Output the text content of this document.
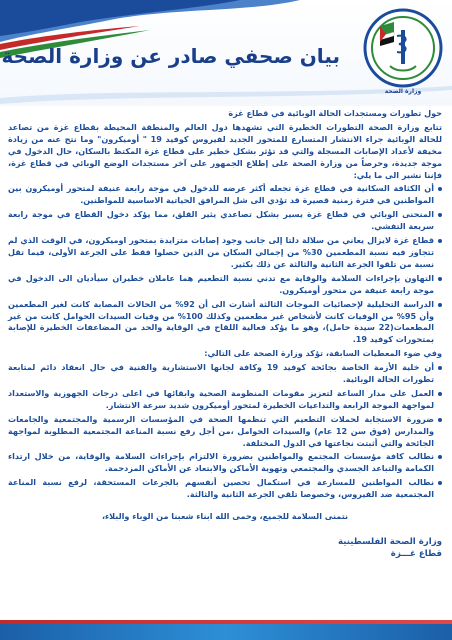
بيان صحفي صادر عن وزارة الصحة
وزارة الصحة
حول تطورات ومستجدات الحالة الوبائية في قطاع غزة
تتابع وزارة الصحة التطورات الخطيرة التي تشهدها دول العالم والمنطقة المحيطة بقطاع غزة من تصاعد للحالة الوبائية جراء الانتشار المتسارع للمتحور الجديد لفيروس كوفيد 19 " أوميكرون" وما نتج عنه من زيادة مخيفة لأعداد الإصابات المسجلة والتي قد تؤثر بشكل خطير على قطاع غزة المكتظ بالسكان، حال الدخول في موجة جديدة، وحرصاً من وزارة الصحة على إطلاع الجمهور على آخر مستجدات الوضع الوبائي في قطاع غزة، فإننا نشير الى ما يلي:
أن الكثافة السكانية في قطاع غزة تجعله أكثر عرضه للدخول في موجة رابعة عنيفة لمتحور أوميكرون بين المواطنين في فترة زمنية قصيرة قد تؤدي الى شل المرافق الحياتية الاساسية للمواطنين.
المنحنى الوبائي في قطاع غزة يسير بشكل تصاعدي يثير القلق، مما يؤكد دخول القطاع في موجة رابعة سريعة التفشي.
قطاع غزة لايزال يعاني من سلالة دلتا إلى جانب وجود إصابات متزايدة بمتحور اوميكرون، في الوقت الذي لم تتجاوز فيه نسبة المطعمين 30% من إجمالي السكان من الذين حصلوا فقط على الجرعة الأولى، فيما تقل نسبة من تلقوا الجرعة الثانية والثالثة عن ذلك بكثير.
التهاون بإجراءات السلامة والوقاية مع تدني نسبة التطعيم هما عاملان خطيران سيأديان الى الدخول في موجة رابعة عنيفة من متحور أوميكرون.
الدراسة التحليلية لإحصائيات الموجات الثالثة أشارت الى أن 92% من الحالات المصابة كانت لغير المطعمين وأن 95% من الوفيات كانت لأشخاص غير مطعمين وكذلك 100% من وفيات السيدات الحوامل كانت من غير المطعمات(22 سيدة حامل)، وهو ما يؤكد فعالية اللقاح في الوقاية والحد من المضاعفات الخطيرة للإصابة بمتحورات كوفيد 19.
وفي ضوء المعطيات السابقة، تؤكد وزارة الصحة على التالي:
أن خلية الأزمة الخاصة بجائحة كوفيد 19 وكافة لجانها الاستشارية والفنية في حال انعقاد دائم لمتابعة تطورات الحالة الوبائية.
العمل على مدار الساعة لتعزيز مقومات المنظومة الصحية وابقائها في اعلى درجات الجهوزية والاستعداد لمواجهة الموجة الرابعة والتداعيات الخطيرة لمتحور أوميكرون شديد سرعة الانتشار.
ضرورة الاستجابة لحملات التطعيم التي تنظمها الصحة في المؤسسات الرسمية والمجتمعية والجامعات والمدارس (فوق سن 12 عام) والسيدات الحوامل ،من أجل رفع نسبة المناعة المجتمعية المطلوبة لمواجهة الجائحة والتي أثبتت نجاعتها في الدول المختلفة.
نطالب كافة مؤسسات المجتمع والمواطنين بضرورة الالتزام بإجراءات السلامة والوقاية، من خلال ارتداء الكمامة والتباعد الجسدي والمجتمعي وتهوية الأماكن والابتعاد عن الأماكن المزدحمة.
نطالب المواطنين للمسارعة في استكمال تحصين أنفسهم بالجرعات المستحقة، لرفع نسبة المناعة المجتمعية ضد الفيروس، وخصوصا تلقي الجرعة الثانية والثالثة.
نتمنى السلامة للجميع، وحمى الله ابناء شعبنا من الوباء والبلاء،
وزارة الصحة الفلسطينية
قطاع غـــزة
